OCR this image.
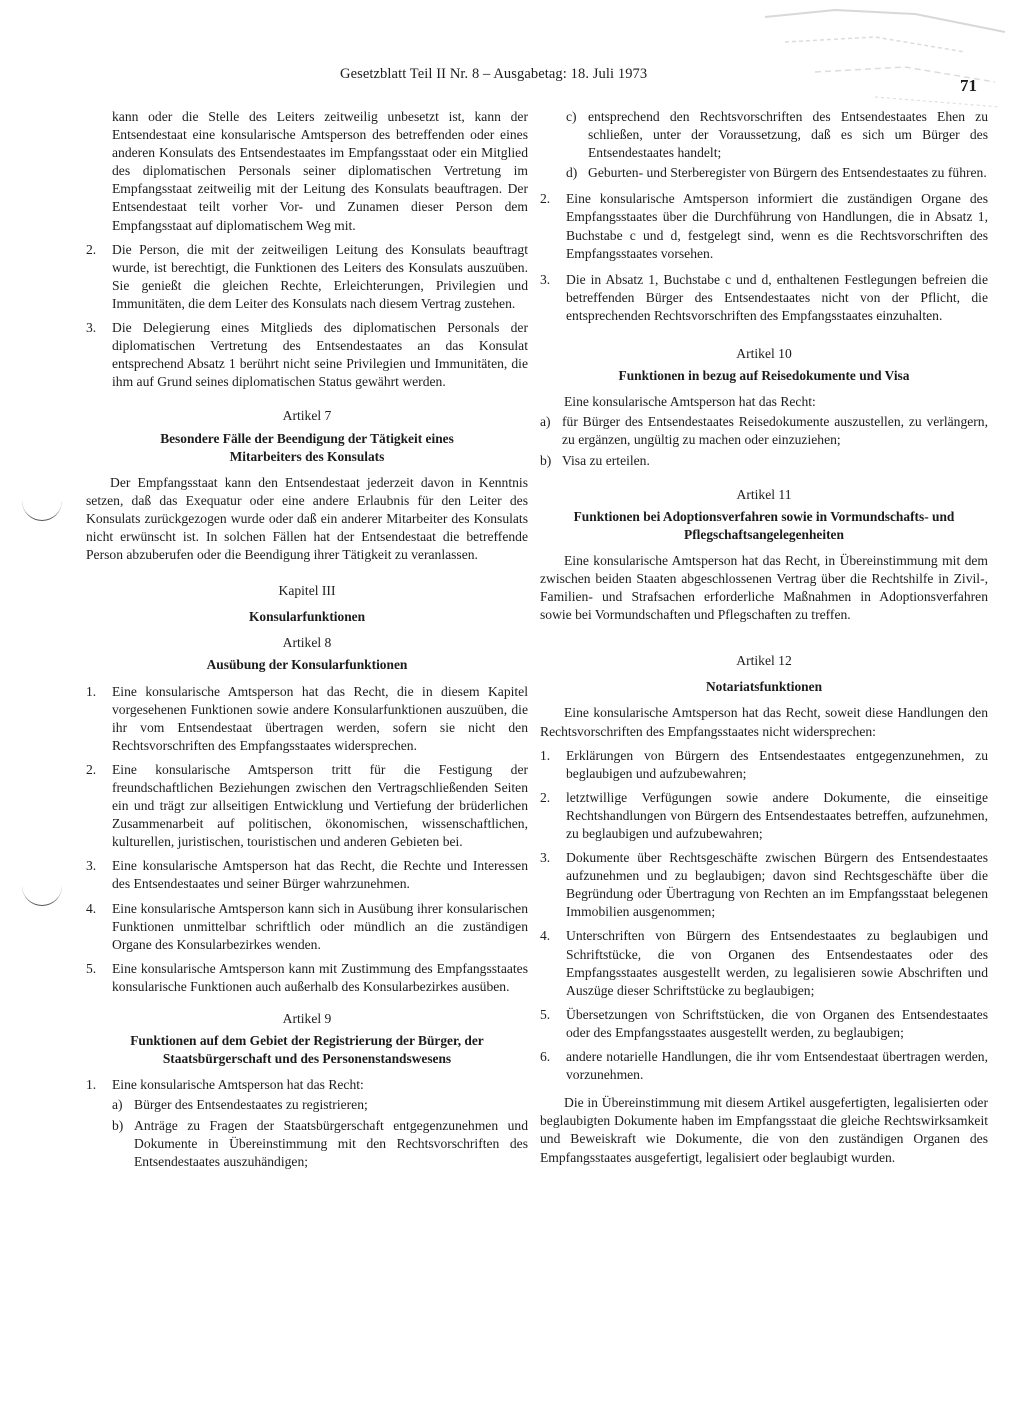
Gesetzblatt Teil II Nr. 8 – Ausgabetag: 18. Juli 1973
71

kann oder die Stelle des Leiters zeitweilig unbesetzt ist, kann der Entsendestaat eine konsularische Amtsperson des betreffenden oder eines anderen Konsulats des Entsendestaates im Empfangsstaat oder ein Mitglied des diplomatischen Personals seiner diplomatischen Vertretung im Empfangsstaat zeitweilig mit der Leitung des Konsulats beauftragen. Der Entsendestaat teilt vorher Vor- und Zunamen dieser Person dem Empfangsstaat auf diplomatischem Weg mit.

2. Die Person, die mit der zeitweiligen Leitung des Konsulats beauftragt wurde, ist berechtigt, die Funktionen des Leiters des Konsulats auszuüben. Sie genießt die gleichen Rechte, Erleichterungen, Privilegien und Immunitäten, die dem Leiter des Konsulats nach diesem Vertrag zustehen.
3. Die Delegierung eines Mitglieds des diplomatischen Personals der diplomatischen Vertretung des Entsendestaates an das Konsulat entsprechend Absatz 1 berührt nicht seine Privilegien und Immunitäten, die ihm auf Grund seines diplomatischen Status gewährt werden.
Artikel 7
Besondere Fälle der Beendigung der Tätigkeit eines Mitarbeiters des Konsulats

Der Empfangsstaat kann den Entsendestaat jederzeit davon in Kenntnis setzen, daß das Exequatur oder eine andere Erlaubnis für den Leiter des Konsulats zurückgezogen wurde oder daß ein anderer Mitarbeiter des Konsulats nicht erwünscht ist. In solchen Fällen hat der Entsendestaat die betreffende Person abzuberufen oder die Beendigung ihrer Tätigkeit zu veranlassen.

Kapitel III
Konsularfunktionen
Artikel 8
Ausübung der Konsularfunktionen
1. Eine konsularische Amtsperson hat das Recht, die in diesem Kapitel vorgesehenen Funktionen sowie andere Konsularfunktionen auszuüben, die ihr vom Entsendestaat übertragen werden, sofern sie nicht den Rechtsvorschriften des Empfangsstaates widersprechen.
2. Eine konsularische Amtsperson tritt für die Festigung der freundschaftlichen Beziehungen zwischen den Vertragschließenden Seiten ein und trägt zur allseitigen Entwicklung und Vertiefung der brüderlichen Zusammenarbeit auf politischen, ökonomischen, wissenschaftlichen, kulturellen, juristischen, touristischen und anderen Gebieten bei.
3. Eine konsularische Amtsperson hat das Recht, die Rechte und Interessen des Entsendestaates und seiner Bürger wahrzunehmen.
4. Eine konsularische Amtsperson kann sich in Ausübung ihrer konsularischen Funktionen unmittelbar schriftlich oder mündlich an die zuständigen Organe des Konsularbezirkes wenden.
5. Eine konsularische Amtsperson kann mit Zustimmung des Empfangsstaates konsularische Funktionen auch außerhalb des Konsularbezirkes ausüben.
Artikel 9
Funktionen auf dem Gebiet der Registrierung der Bürger, der Staatsbürgerschaft und des Personenstandswesens
1. Eine konsularische Amtsperson hat das Recht:
a) Bürger des Entsendestaates zu registrieren;
b) Anträge zu Fragen der Staatsbürgerschaft entgegenzunehmen und Dokumente in Übereinstimmung mit den Rechtsvorschriften des Entsendestaates auszuhändigen;
c) entsprechend den Rechtsvorschriften des Entsendestaates Ehen zu schließen, unter der Voraussetzung, daß es sich um Bürger des Entsendestaates handelt;
d) Geburten- und Sterberegister von Bürgern des Entsendestaates zu führen.
2. Eine konsularische Amtsperson informiert die zuständigen Organe des Empfangsstaates über die Durchführung von Handlungen, die in Absatz 1, Buchstabe c und d, festgelegt sind, wenn es die Rechtsvorschriften des Empfangsstaates vorsehen.
3. Die in Absatz 1, Buchstabe c und d, enthaltenen Festlegungen befreien die betreffenden Bürger des Entsendestaates nicht von der Pflicht, die entsprechenden Rechtsvorschriften des Empfangsstaates einzuhalten.
Artikel 10
Funktionen in bezug auf Reisedokumente und Visa

Eine konsularische Amtsperson hat das Recht:

a) für Bürger des Entsendestaates Reisedokumente auszustellen, zu verlängern, zu ergänzen, ungültig zu machen oder einzuziehen;
b) Visa zu erteilen.
Artikel 11
Funktionen bei Adoptionsverfahren sowie in Vormundschafts- und Pflegschaftsangelegenheiten

Eine konsularische Amtsperson hat das Recht, in Übereinstimmung mit dem zwischen beiden Staaten abgeschlossenen Vertrag über die Rechtshilfe in Zivil-, Familien- und Strafsachen erforderliche Maßnahmen in Adoptionsverfahren sowie bei Vormundschaften und Pflegschaften zu treffen.

Artikel 12
Notariatsfunktionen

Eine konsularische Amtsperson hat das Recht, soweit diese Handlungen den Rechtsvorschriften des Empfangsstaates nicht widersprechen:

1. Erklärungen von Bürgern des Entsendestaates entgegenzunehmen, zu beglaubigen und aufzubewahren;
2. letztwillige Verfügungen sowie andere Dokumente, die einseitige Rechtshandlungen von Bürgern des Entsendestaates betreffen, aufzunehmen, zu beglaubigen und aufzubewahren;
3. Dokumente über Rechtsgeschäfte zwischen Bürgern des Entsendestaates aufzunehmen und zu beglaubigen; davon sind Rechtsgeschäfte über die Begründung oder Übertragung von Rechten an im Empfangsstaat belegenen Immobilien ausgenommen;
4. Unterschriften von Bürgern des Entsendestaates zu beglaubigen und Schriftstücke, die von Organen des Entsendestaates oder des Empfangsstaates ausgestellt werden, zu legalisieren sowie Abschriften und Auszüge dieser Schriftstücke zu beglaubigen;
5. Übersetzungen von Schriftstücken, die von Organen des Entsendestaates oder des Empfangsstaates ausgestellt werden, zu beglaubigen;
6. andere notarielle Handlungen, die ihr vom Entsendestaat übertragen werden, vorzunehmen.

Die in Übereinstimmung mit diesem Artikel ausgefertigten, legalisierten oder beglaubigten Dokumente haben im Empfangsstaat die gleiche Rechtswirksamkeit und Beweiskraft wie Dokumente, die von den zuständigen Organen des Empfangsstaates ausgefertigt, legalisiert oder beglaubigt wurden.
